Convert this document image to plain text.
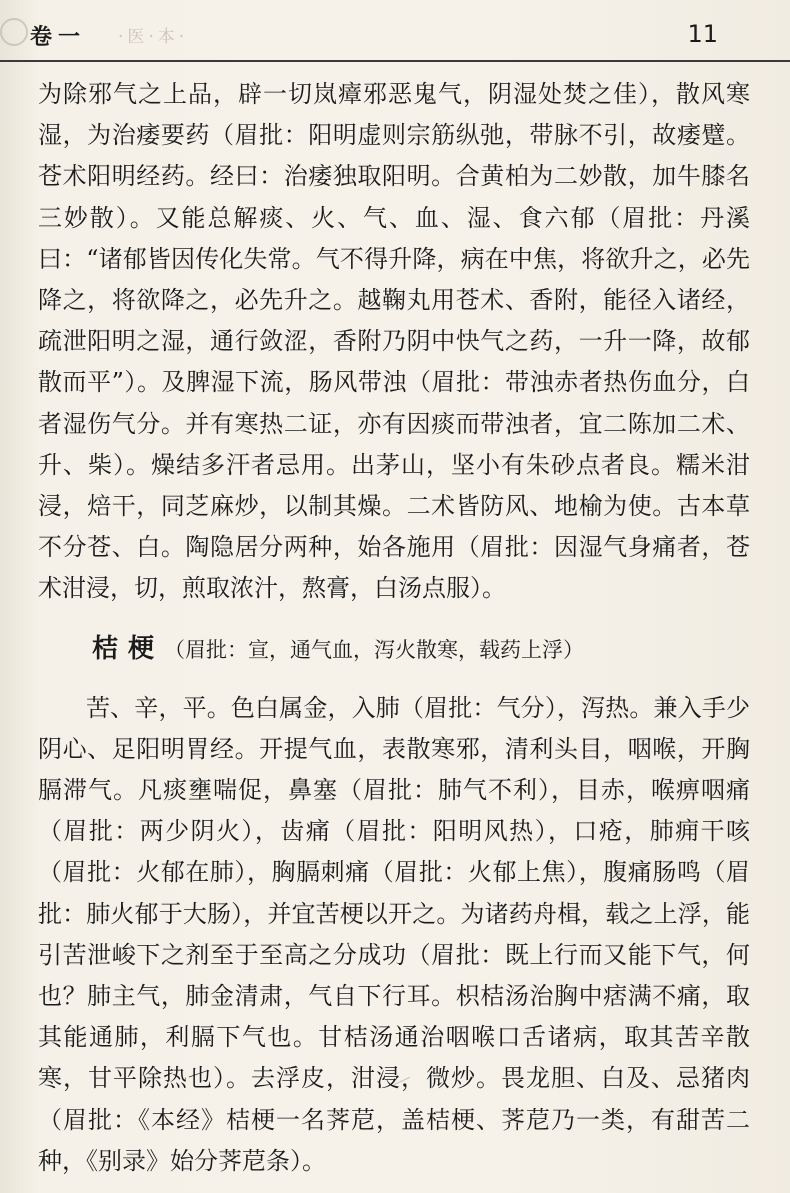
卷一 ·医·本·	11

为除邪气之上品，辟一切岚瘴邪恶鬼气，阴湿处焚之佳），散风寒湿，为治痿要药（眉批：阳明虚则宗筋纵弛，带脉不引，故痿躄。苍术阳明经药。经曰：治痿独取阳明。合黄柏为二妙散，加牛膝名三妙散）。又能总解痰、火、气、血、湿、食六郁（眉批：丹溪曰：“诸郁皆因传化失常。气不得升降，病在中焦，将欲升之，必先降之，将欲降之，必先升之。越鞠丸用苍术、香附，能径入诸经，疏泄阳明之湿，通行敛涩，香附乃阴中快气之药，一升一降，故郁散而平”）。及脾湿下流，肠风带浊（眉批：带浊赤者热伤血分，白者湿伤气分。并有寒热二证，亦有因痰而带浊者，宜二陈加二术、升、柴）。燥结多汗者忌用。出茅山，坚小有朱砂点者良。糯米泔浸，焙干，同芝麻炒，以制其燥。二术皆防风、地榆为使。古本草不分苍、白。陶隐居分两种，始各施用（眉批：因湿气身痛者，苍术泔浸，切，煎取浓汁，熬膏，白汤点服）。

桔梗（眉批：宣，通气血，泻火散寒，载药上浮）

苦、辛，平。色白属金，入肺（眉批：气分），泻热。兼入手少阴心、足阳明胃经。开提气血，表散寒邪，清利头目，咽喉，开胸膈滞气。凡痰壅喘促，鼻塞（眉批：肺气不利），目赤，喉痹咽痛（眉批：两少阴火），齿痛（眉批：阳明风热），口疮，肺痈干咳（眉批：火郁在肺），胸膈刺痛（眉批：火郁上焦），腹痛肠鸣（眉批：肺火郁于大肠），并宜苦梗以开之。为诸药舟楫，载之上浮，能引苦泄峻下之剂至于至高之分成功（眉批：既上行而又能下气，何也？肺主气，肺金清肃，气自下行耳。枳桔汤治胸中痞满不痛，取其能通肺，利膈下气也。甘桔汤通治咽喉口舌诸病，取其苦辛散寒，甘平除热也）。去浮皮，泔浸，微炒。畏龙胆、白及、忌猪肉（眉批：《本经》桔梗一名荠苨，盖桔梗、荠苨乃一类，有甜苦二种，《别录》始分荠苨条）。
